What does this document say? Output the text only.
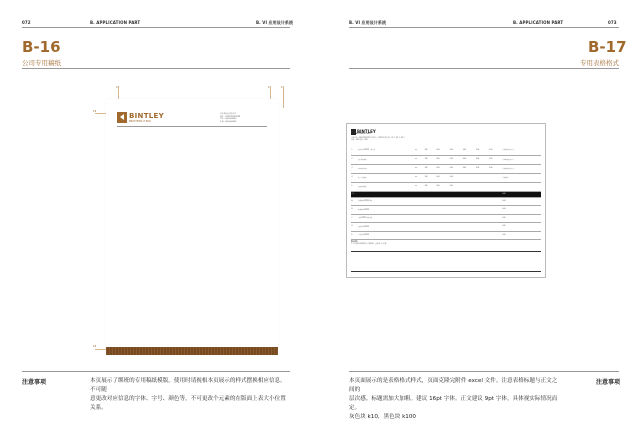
072	B. APPLICATION PART	B. VI 应用设计系统
B-16
公司专用稿纸
18	10	10
18
18
BINTLEY
BROTHERS-IT BOX
本特利家具有限公司
地址：XXXXXXXXXXXX
电话：000-000000
传真：000-000000
注意事项	本页展示了绑班的专用稿纸模版。使用时请视根本页展示的样式摆换相应信息。不可随
意更改对应信息的字体、字号、颜色等。不可更改个元素的在版面上表大小位置关系。
B. VI 应用设计系统	B. APPLICATION PART	073
B-17
专用表格格式
BINTLEY
BROTHERS-IT BOX
表格名称：XXXXXXXXXX 编制部门：XXXX 编制日期：XX 年 XX 月 XX 日
审核：XXX 批准：XXX
1	项目名称 XXXXX 一期工程	m²	100	0.00	0.00	0.00	0.00	0.00	详细说明文字内容
2	设计费用说明	m²	100	0.00	0.00	0.00	0.00	0.00	详细说明文字内容
3	材料采购成本	m²	100	0.00	0.00	0.00	0.00	0.00	详细说明文字内容
4	施工人员费用	m²	100	0.00	0.00				详细说明
5	其他费用说明	m²	100	0.00	0.00				
合计									0.00
A	管理费用 XXXXX 说明								0.00
B	税费说明 XXXXX								0.00
C	利润 XXXXX 说明文字								0.00
D	其他说明 XXXXX								0.00
E	工程总价 XXXXX								0.00
备注说明
1. 本表格所列价格均为含税价格，具体以合同为准。
注意事项
本页面展示的是表格格式样式，页面克隆完附件 excel 文件。注意表格标题与正文之间的
层次感。标题需加大加粗。建议 16pt 字体。正文建议 9pt 字体。具体视实际情况而定。
灰色块 k10，黑色块 k100
